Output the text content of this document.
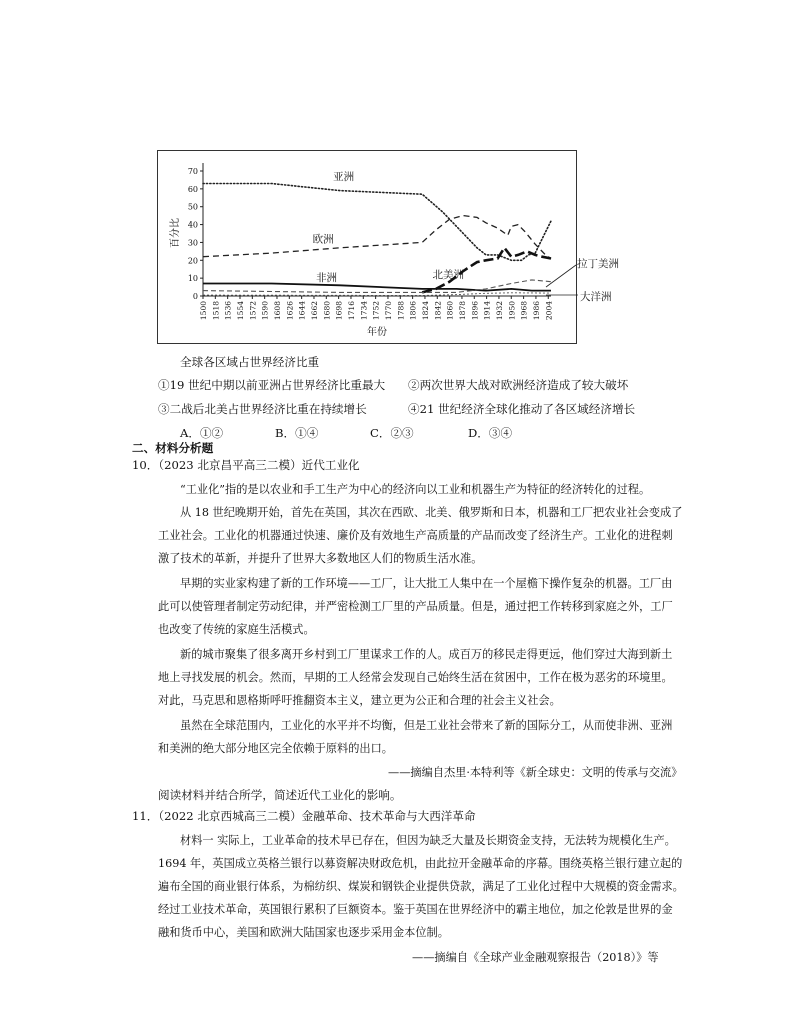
0
10
20
30
40
50
60
70
1500 1518 1536 1554 1572 1590 1608 1626 1644 1662 1680 1698 1716 1734 1752 1770 1788 1806 1824 1842 1860 1878 1896 1914 1932 1950 1968 1986 2004
百分比
年份
亚洲
欧洲
北美洲
非洲
全球各区域占世界经济比重
①19 世纪中期以前亚洲占世界经济比重最大 ②两次世界大战对欧洲经济造成了较大破坏
③二战后北美占世界经济比重在持续增长	④21 世纪经济全球化推动了各区域经济增长
A．①②	B．①④	C．②③	D．③④
二、材料分析题
10．（2023 北京昌平高三二模）近代工业化
“工业化”指的是以农业和手工生产为中心的经济向以工业和机器生产为特征的经济转化的过程。
从 18 世纪晚期开始，首先在英国，其次在西欧、北美、俄罗斯和日本，机器和工厂把农业社会变成了
工业社会。工业化的机器通过快速、廉价及有效地生产高质量的产品而改变了经济生产。工业化的进程刺
激了技术的革新，并提升了世界大多数地区人们的物质生活水准。
早期的实业家构建了新的工作环境——工厂，让大批工人集中在一个屋檐下操作复杂的机器。工厂由
此可以使管理者制定劳动纪律，并严密检测工厂里的产品质量。但是，通过把工作转移到家庭之外，工厂
也改变了传统的家庭生活模式。
新的城市聚集了很多离开乡村到工厂里谋求工作的人。成百万的移民走得更远，他们穿过大海到新土
地上寻找发展的机会。然而，早期的工人经常会发现自己始终生活在贫困中，工作在极为恶劣的环境里。
对此，马克思和恩格斯呼吁推翻资本主义，建立更为公正和合理的社会主义社会。
虽然在全球范围内，工业化的水平并不均衡，但是工业社会带来了新的国际分工，从而使非洲、亚洲
和美洲的绝大部分地区完全依赖于原料的出口。
——摘编自杰里·本特利等《新全球史：文明的传承与交流》
阅读材料并结合所学，简述近代工业化的影响。
11．（2022 北京西城高三二模）金融革命、技术革命与大西洋革命
材料一 实际上，工业革命的技术早已存在，但因为缺乏大量及长期资金支持，无法转为规模化生产。
1694 年，英国成立英格兰银行以募资解决财政危机，由此拉开金融革命的序幕。围绕英格兰银行建立起的
遍布全国的商业银行体系，为棉纺织、煤炭和钢铁企业提供贷款，满足了工业化过程中大规模的资金需求。
经过工业技术革命，英国银行累积了巨额资本。鉴于英国在世界经济中的霸主地位，加之伦敦是世界的金
融和货币中心，美国和欧洲大陆国家也逐步采用金本位制。
——摘编自《全球产业金融观察报告（2018）》等
拉丁美洲
大洋洲
